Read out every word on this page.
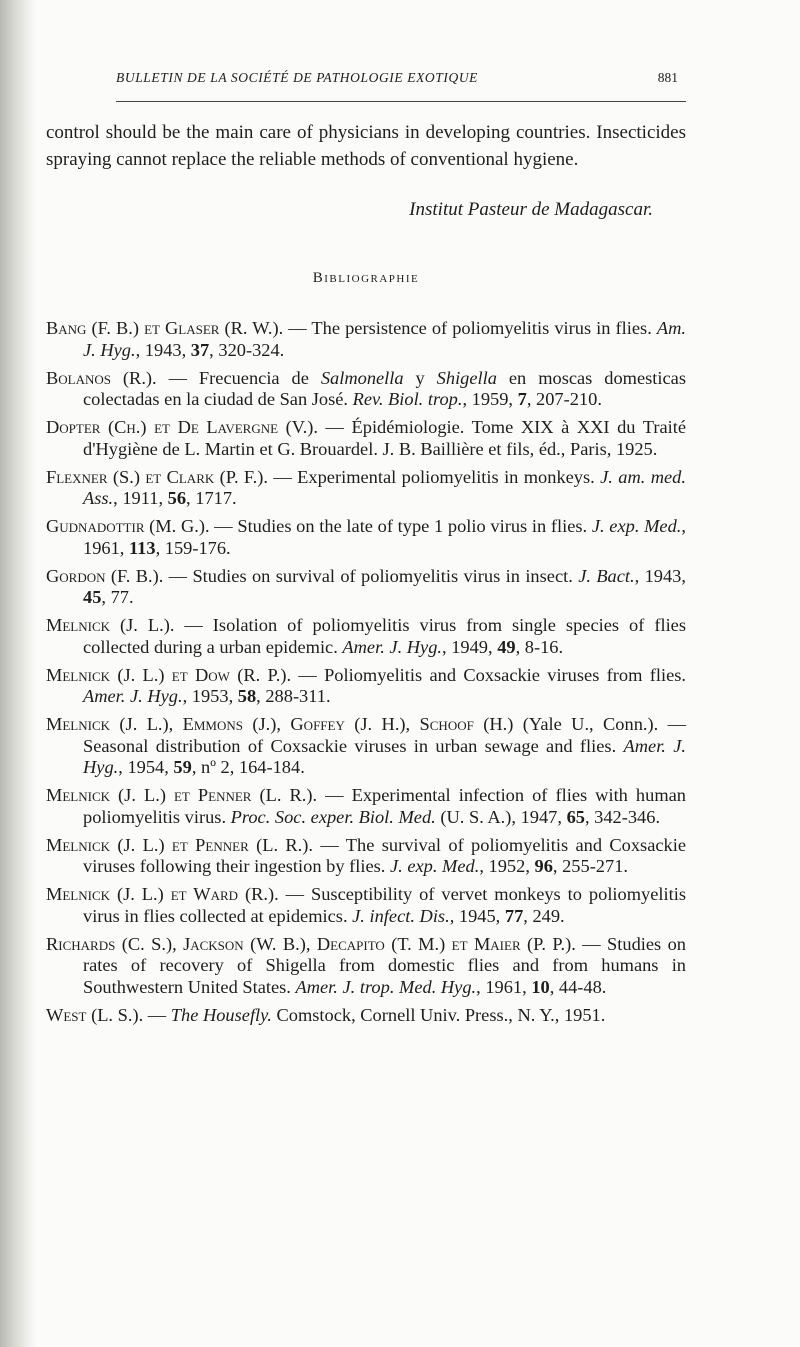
BULLETIN DE LA SOCIÉTÉ DE PATHOLOGIE EXOTIQUE	881

control should be the main care of physicians in developing countries. Insecticides spraying cannot replace the reliable methods of conventional hygiene.

Institut Pasteur de Madagascar.
Bibliographie

Bang (F. B.) et Glaser (R. W.). — The persistence of poliomyelitis virus in flies. Am. J. Hyg., 1943, 37, 320-324.

Bolanos (R.). — Frecuencia de Salmonella y Shigella en moscas domesticas colectadas en la ciudad de San José. Rev. Biol. trop., 1959, 7, 207-210.

Dopter (Ch.) et De Lavergne (V.). — Épidémiologie. Tome XIX à XXI du Traité d'Hygiène de L. Martin et G. Brouardel. J. B. Baillière et fils, éd., Paris, 1925.

Flexner (S.) et Clark (P. F.). — Experimental poliomyelitis in monkeys. J. am. med. Ass., 1911, 56, 1717.

Gudnadottir (M. G.). — Studies on the late of type 1 polio virus in flies. J. exp. Med., 1961, 113, 159-176.

Gordon (F. B.). — Studies on survival of poliomyelitis virus in insect. J. Bact., 1943, 45, 77.

Melnick (J. L.). — Isolation of poliomyelitis virus from single species of flies collected during a urban epidemic. Amer. J. Hyg., 1949, 49, 8-16.

Melnick (J. L.) et Dow (R. P.). — Poliomyelitis and Coxsackie viruses from flies. Amer. J. Hyg., 1953, 58, 288-311.

Melnick (J. L.), Emmons (J.), Goffey (J. H.), Schoof (H.) (Yale U., Conn.). — Seasonal distribution of Coxsackie viruses in urban sewage and flies. Amer. J. Hyg., 1954, 59, nº 2, 164-184.

Melnick (J. L.) et Penner (L. R.). — Experimental infection of flies with human poliomyelitis virus. Proc. Soc. exper. Biol. Med. (U. S. A.), 1947, 65, 342-346.

Melnick (J. L.) et Penner (L. R.). — The survival of poliomyelitis and Coxsackie viruses following their ingestion by flies. J. exp. Med., 1952, 96, 255-271.

Melnick (J. L.) et Ward (R.). — Susceptibility of vervet monkeys to poliomyelitis virus in flies collected at epidemics. J. infect. Dis., 1945, 77, 249.

Richards (C. S.), Jackson (W. B.), Decapito (T. M.) et Maier (P. P.). — Studies on rates of recovery of Shigella from domestic flies and from humans in Southwestern United States. Amer. J. trop. Med. Hyg., 1961, 10, 44-48.

West (L. S.). — The Housefly. Comstock, Cornell Univ. Press., N. Y., 1951.
